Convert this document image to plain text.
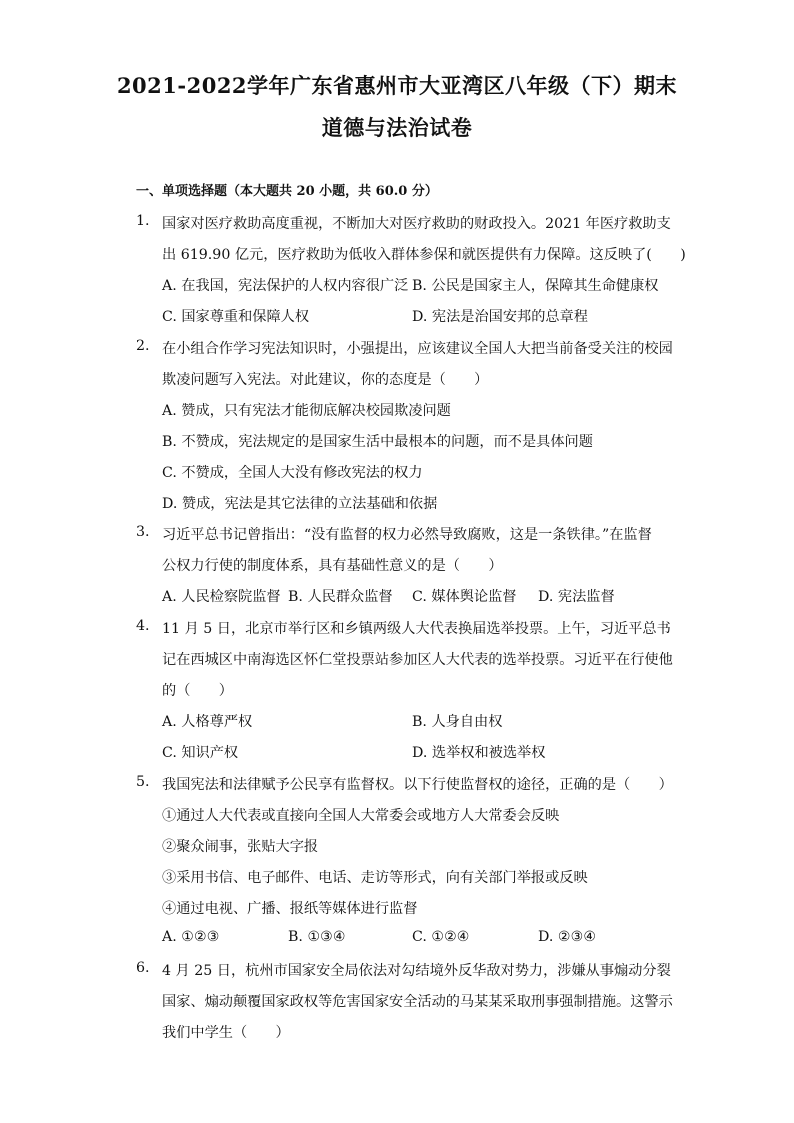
2021-2022学年广东省惠州市大亚湾区八年级（下）期末
道德与法治试卷
一、单项选择题（本大题共 20 小题，共 60.0 分）
1. 国家对医疗救助高度重视，不断加大对医疗救助的财政投入。2021 年医疗救助支
出 619.90 亿元，医疗救助为低收入群体参保和就医提供有力保障。这反映了(　　)
A. 在我国，宪法保护的人权内容很广泛 B. 公民是国家主人，保障其生命健康权
C. 国家尊重和保障人权	D. 宪法是治国安邦的总章程
2. 在小组合作学习宪法知识时，小强提出，应该建议全国人大把当前备受关注的校园
欺凌问题写入宪法。对此建议，你的态度是（　　）
A. 赞成，只有宪法才能彻底解决校园欺凌问题
B. 不赞成，宪法规定的是国家生活中最根本的问题，而不是具体问题
C. 不赞成，全国人大没有修改宪法的权力
D. 赞成，宪法是其它法律的立法基础和依据
3. 习近平总书记曾指出：“没有监督的权力必然导致腐败，这是一条铁律。”在监督
公权力行使的制度体系，具有基础性意义的是（　　）
A. 人民检察院监督 B. 人民群众监督 C. 媒体舆论监督 D. 宪法监督
4. 11 月 5 日，北京市举行区和乡镇两级人大代表换届选举投票。上午，习近平总书
记在西城区中南海选区怀仁堂投票站参加区人大代表的选举投票。习近平在行使他
的（　　）
A. 人格尊严权	B. 人身自由权
C. 知识产权	D. 选举权和被选举权
5. 我国宪法和法律赋予公民享有监督权。以下行使监督权的途径，正确的是（　　）
①通过人大代表或直接向全国人大常委会或地方人大常委会反映
②聚众闹事，张贴大字报
③采用书信、电子邮件、电话、走访等形式，向有关部门举报或反映
④通过电视、广播、报纸等媒体进行监督
A. ①②③	B. ①③④	C. ①②④	D. ②③④
6. 4 月 25 日，杭州市国家安全局依法对勾结境外反华敌对势力，涉嫌从事煽动分裂
国家、煽动颠覆国家政权等危害国家安全活动的马某某采取刑事强制措施。这警示
我们中学生（　　）
